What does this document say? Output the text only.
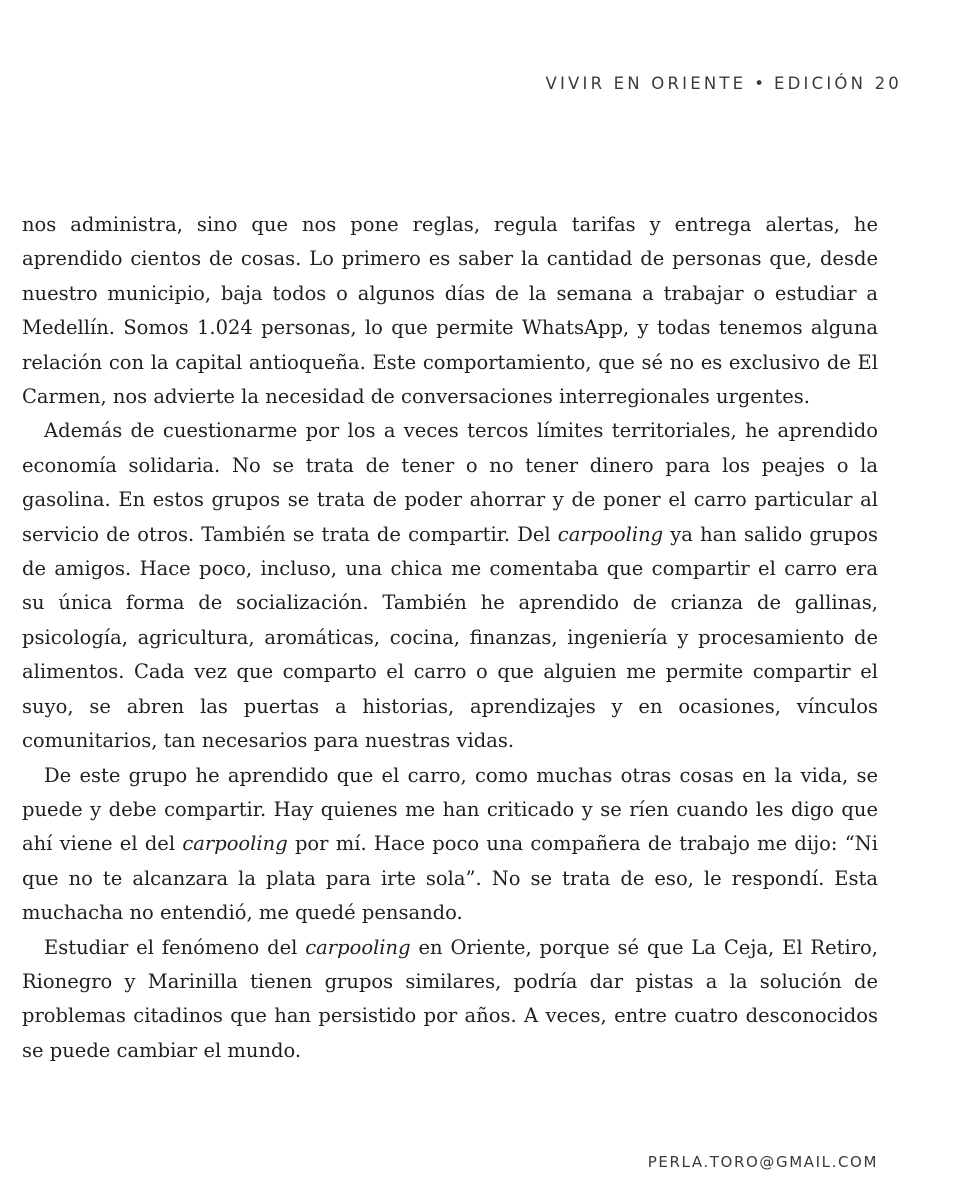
VIVIR EN ORIENTE • EDICIÓN 20

nos administra, sino que nos pone reglas, regula tarifas y entrega alertas, he aprendido cientos de cosas. Lo primero es saber la cantidad de personas que, desde nuestro municipio, baja todos o algunos días de la semana a trabajar o estudiar a Medellín. Somos 1.024 personas, lo que permite WhatsApp, y todas tenemos alguna relación con la capital antioqueña. Este comportamiento, que sé no es exclusivo de El Carmen, nos advierte la necesidad de conversaciones interregionales urgentes.

Además de cuestionarme por los a veces tercos límites territoriales, he aprendido economía solidaria. No se trata de tener o no tener dinero para los peajes o la gasolina. En estos grupos se trata de poder ahorrar y de poner el carro particular al servicio de otros. También se trata de compartir. Del carpooling ya han salido grupos de amigos. Hace poco, incluso, una chica me comentaba que compartir el carro era su única forma de socialización. También he aprendido de crianza de gallinas, psicología, agricultura, aromáticas, cocina, finanzas, ingeniería y procesamiento de alimentos. Cada vez que comparto el carro o que alguien me permite compartir el suyo, se abren las puertas a historias, aprendizajes y en ocasiones, vínculos comunitarios, tan necesarios para nuestras vidas.

De este grupo he aprendido que el carro, como muchas otras cosas en la vida, se puede y debe compartir. Hay quienes me han criticado y se ríen cuando les digo que ahí viene el del carpooling por mí. Hace poco una compañera de trabajo me dijo: “Ni que no te alcanzara la plata para irte sola”. No se trata de eso, le respondí. Esta muchacha no entendió, me quedé pensando.

Estudiar el fenómeno del carpooling en Oriente, porque sé que La Ceja, El Retiro, Rionegro y Marinilla tienen grupos similares, podría dar pistas a la solución de problemas citadinos que han persistido por años. A veces, entre cuatro desconocidos se puede cambiar el mundo.

PERLA.TORO@GMAIL.COM
